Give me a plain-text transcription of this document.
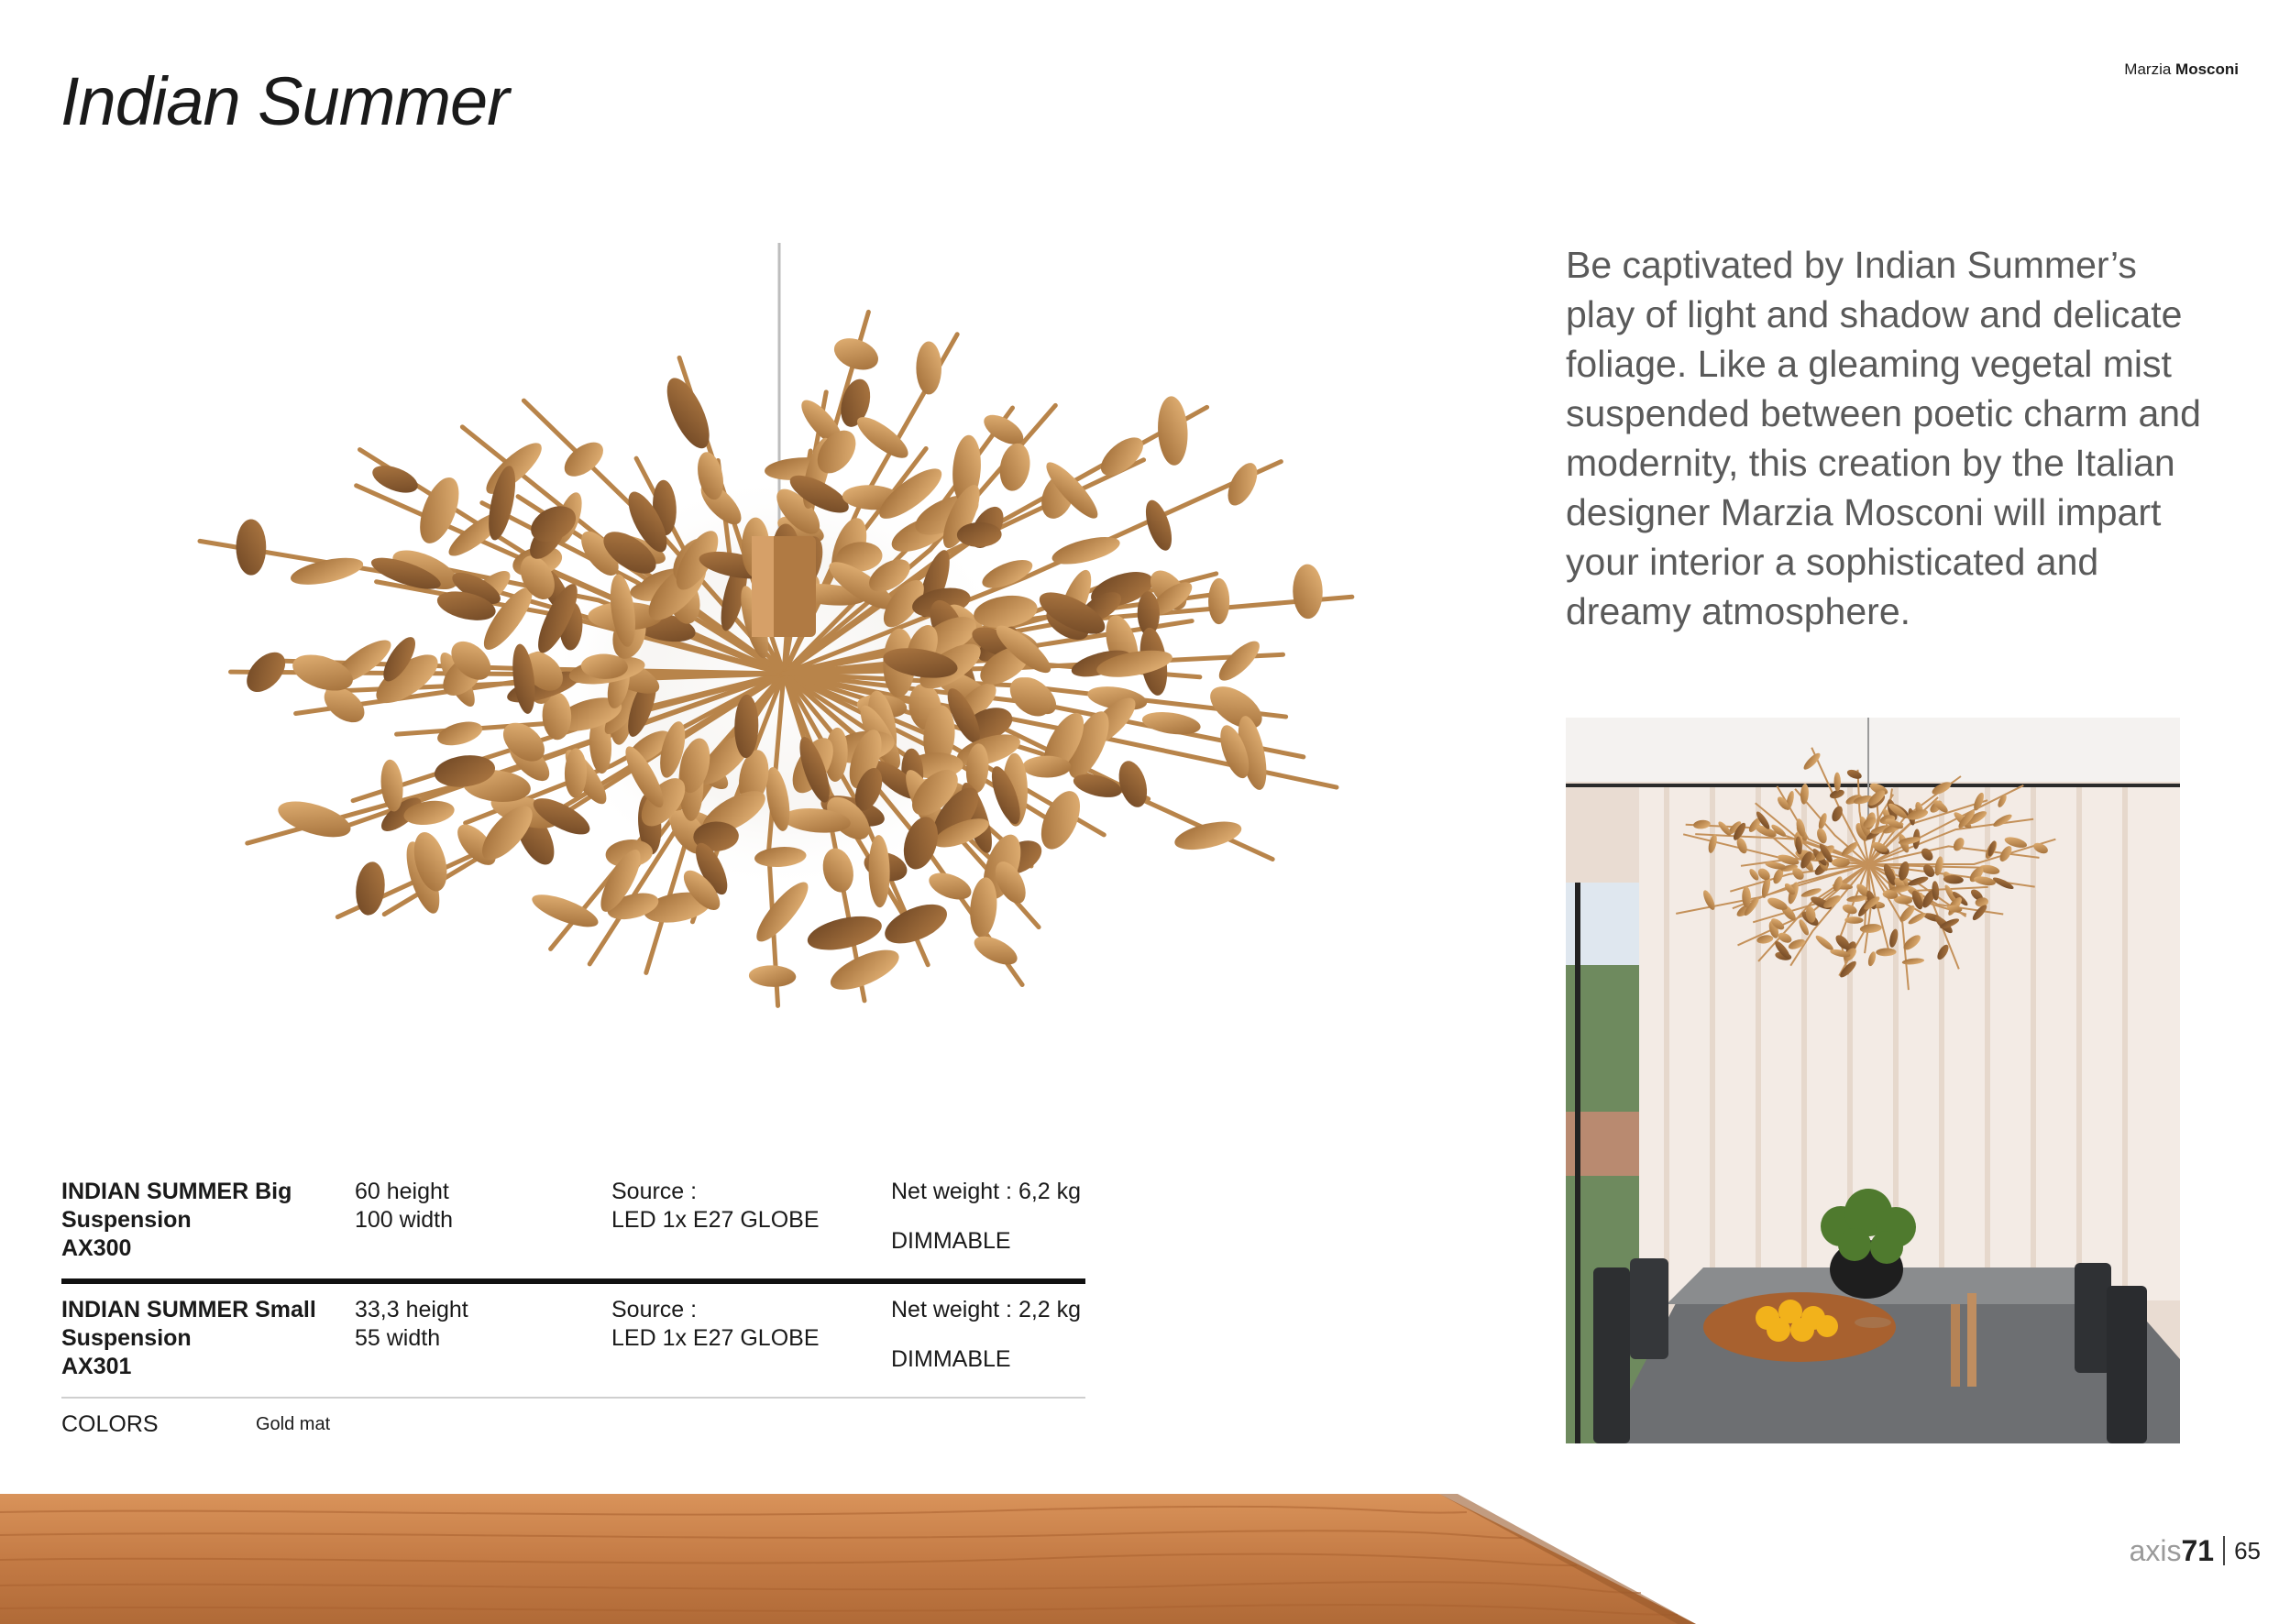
Indian Summer	Marzia Mosconi
Be captivated by Indian Summer’s play of light and shadow and delicate foliage. Like a gleaming vegetal mist suspended between poetic charm and modernity, this creation by the Italian designer Marzia Mosconi will impart your interior a sophisticated and dreamy atmosphere.
INDIAN SUMMER Big
Suspension
AX300
60 height
100 width
Source :
LED 1x E27 GLOBE
Net weight : 6,2 kg
DIMMABLE
INDIAN SUMMER Small
Suspension
AX301
33,3 height
55 width
Source :
LED 1x E27 GLOBE
Net weight : 2,2 kg
DIMMABLE
COLORS	Gold mat
axis71 65
